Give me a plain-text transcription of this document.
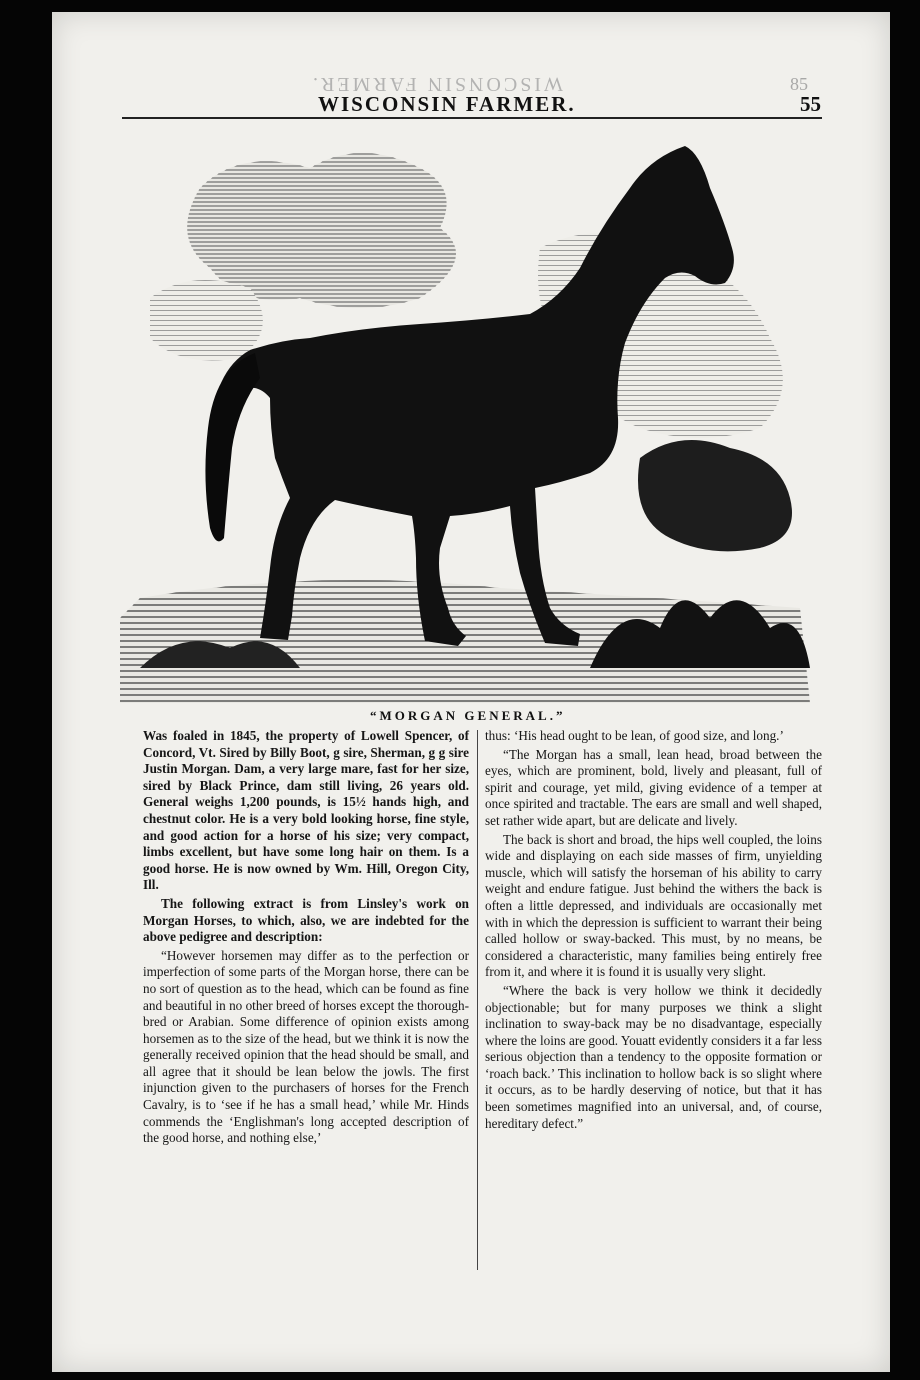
WISCONSIN FARMER.	85
WISCONSIN FARMER.	55
“MORGAN GENERAL.”

Was foaled in 1845, the property of Lowell Spencer, of Concord, Vt. Sired by Billy Boot, g sire, Sherman, g g sire Justin Morgan. Dam, a very large mare, fast for her size, sired by Black Prince, dam still living, 26 years old. General weighs 1,200 pounds, is 15½ hands high, and chestnut color. He is a very bold looking horse, fine style, and good action for a horse of his size; very compact, limbs excellent, but have some long hair on them. Is a good horse. He is now owned by Wm. Hill, Oregon City, Ill.

The following extract is from Linsley's work on Morgan Horses, to which, also, we are indebted for the above pedigree and description:

“However horsemen may differ as to the perfection or imperfection of some parts of the Morgan horse, there can be no sort of question as to the head, which can be found as fine and beautiful in no other breed of horses except the thorough-bred or Arabian. Some difference of opinion exists among horsemen as to the size of the head, but we think it is now the generally received opinion that the head should be small, and all agree that it should be lean below the jowls. The first injunction given to the purchasers of horses for the French Cavalry, is to ‘see if he has a small head,’ while Mr. Hinds commends the ‘Englishman's long accepted description of the good horse, and nothing else,’

thus: ‘His head ought to be lean, of good size, and long.’

“The Morgan has a small, lean head, broad between the eyes, which are prominent, bold, lively and pleasant, full of spirit and courage, yet mild, giving evidence of a temper at once spirited and tractable. The ears are small and well shaped, set rather wide apart, but are delicate and lively.

The back is short and broad, the hips well coupled, the loins wide and displaying on each side masses of firm, unyielding muscle, which will satisfy the horseman of his ability to carry weight and endure fatigue. Just behind the withers the back is often a little depressed, and individuals are occasionally met with in which the depression is sufficient to warrant their being called hollow or sway-backed. This must, by no means, be considered a characteristic, many families being entirely free from it, and where it is found it is usually very slight.

“Where the back is very hollow we think it decidedly objectionable; but for many purposes we think a slight inclination to sway-back may be no disadvantage, especially where the loins are good. Youatt evidently considers it a far less serious objection than a tendency to the opposite formation or ‘roach back.’ This inclination to hollow back is so slight where it occurs, as to be hardly deserving of notice, but that it has been sometimes magnified into an universal, and, of course, hereditary defect.”
